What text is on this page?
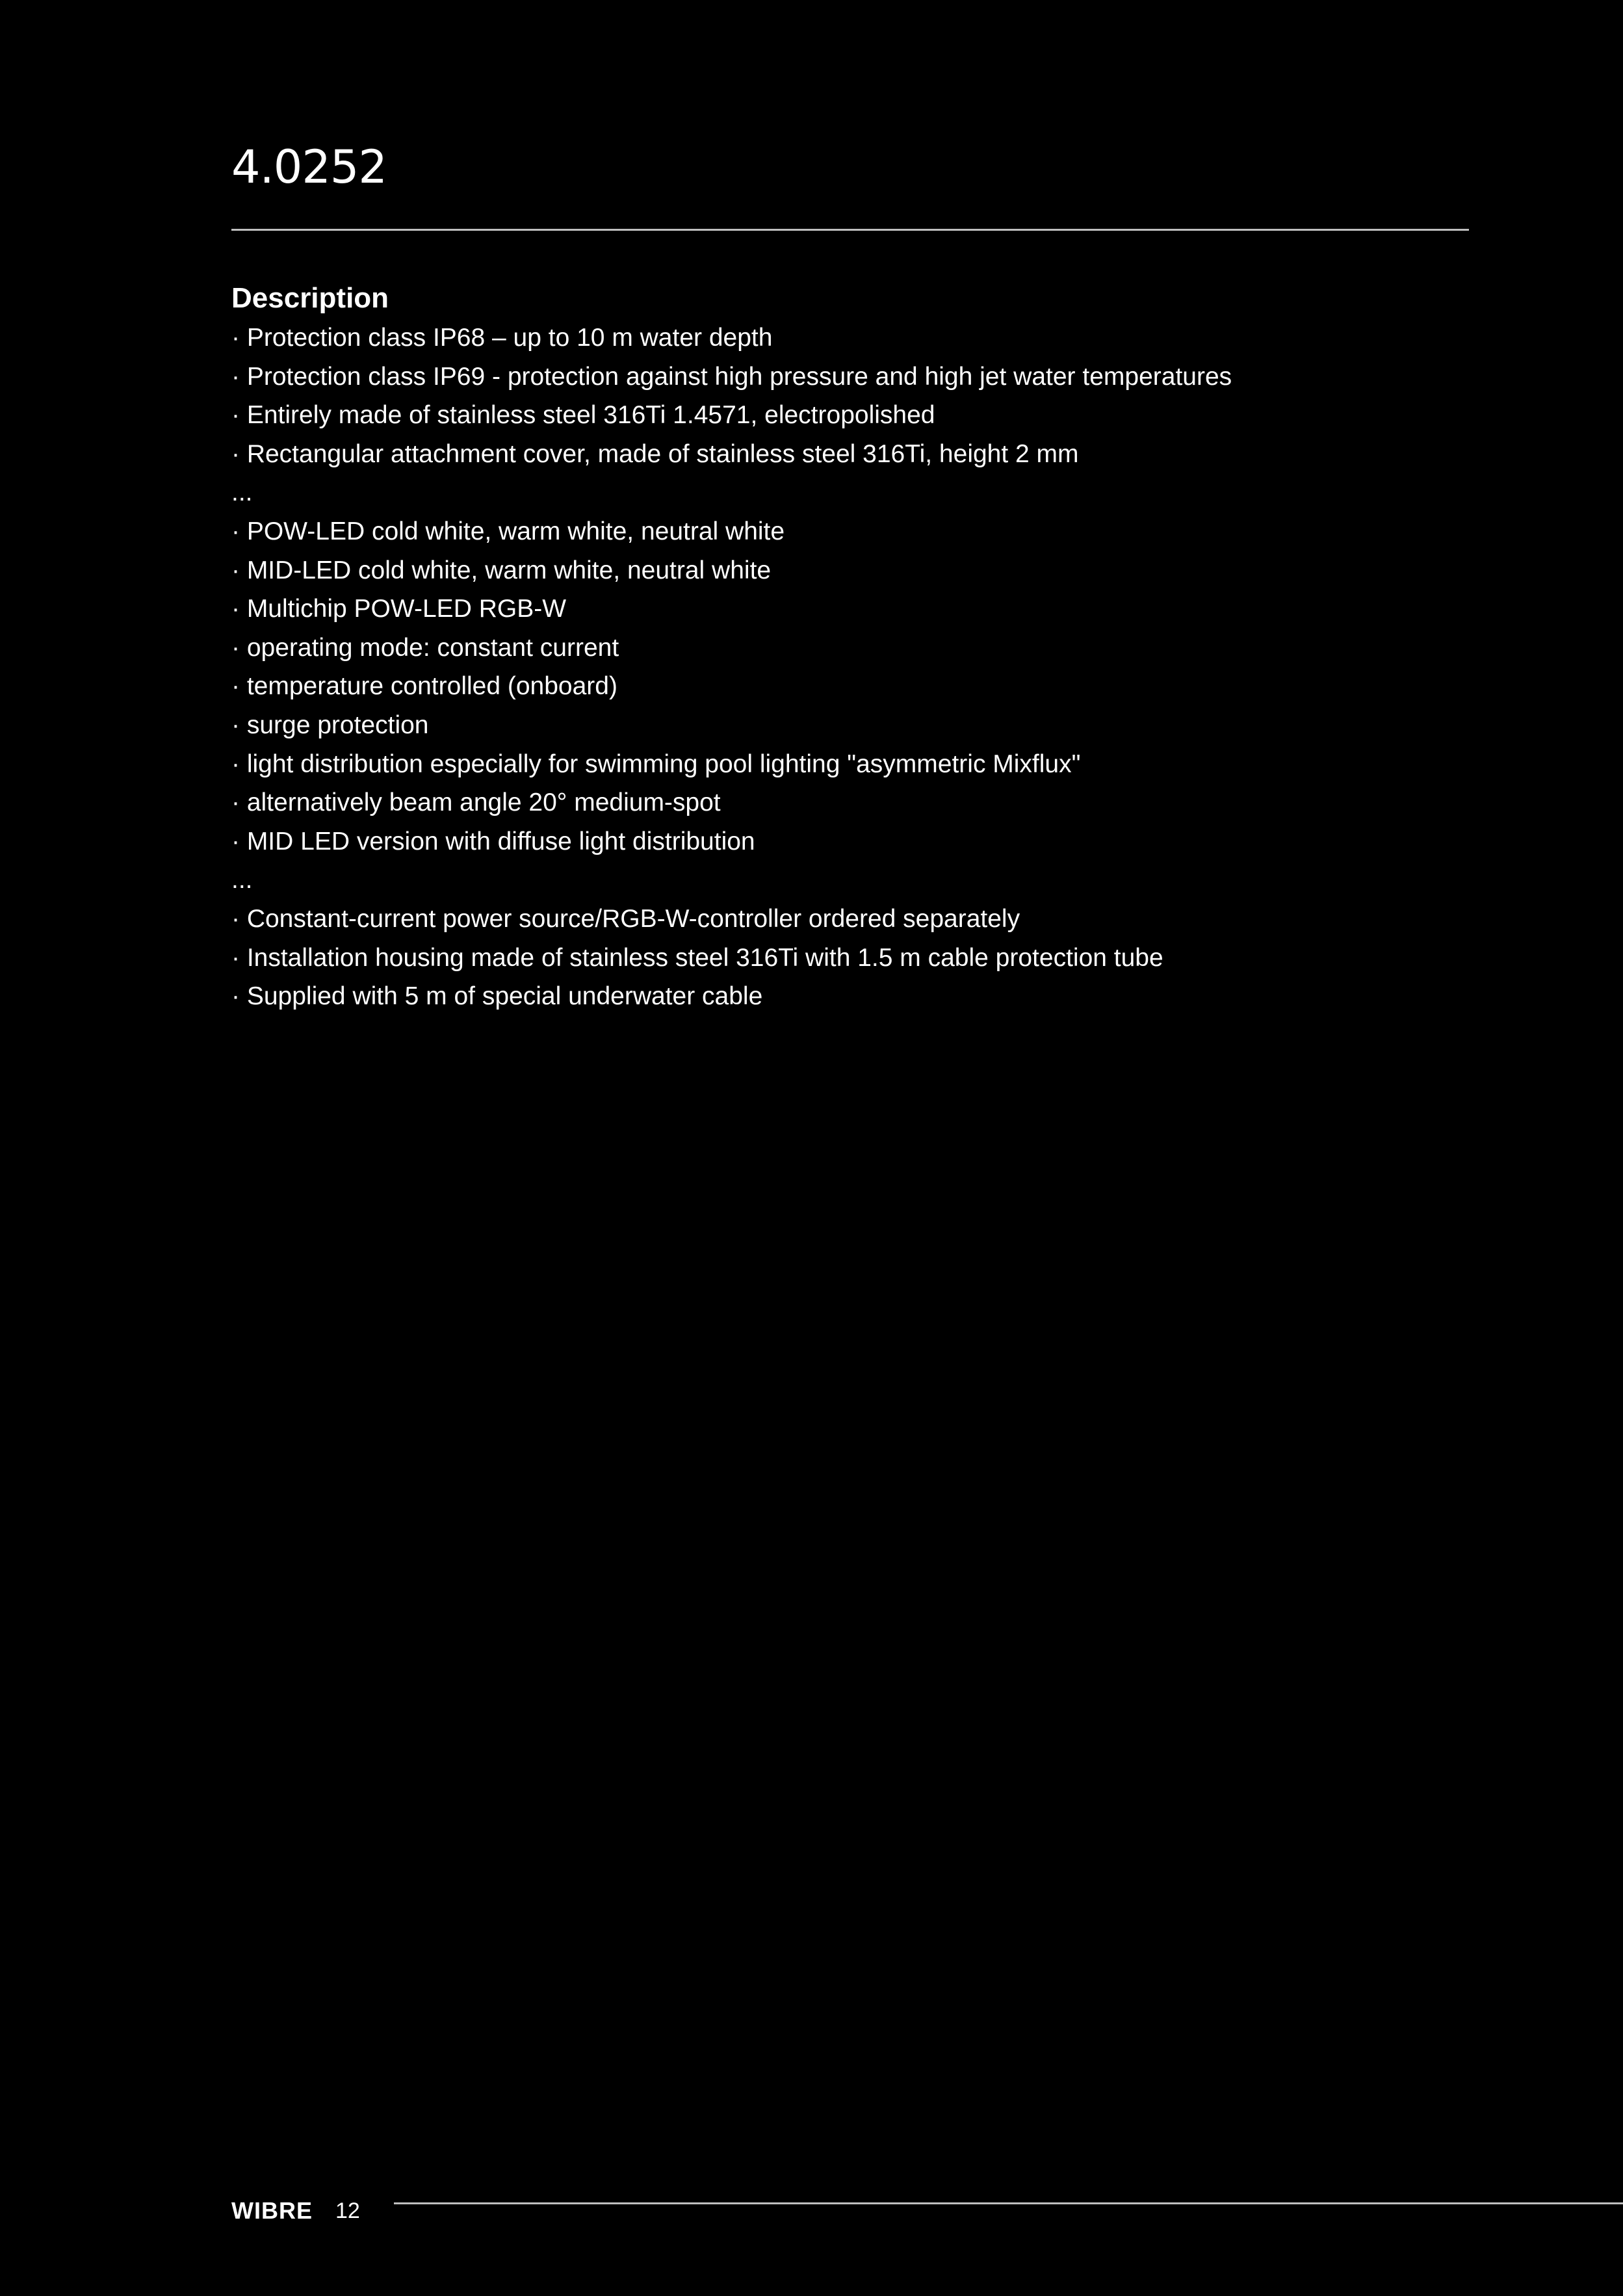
4.0252
Description
· Protection class IP68 – up to 10 m water depth
· Protection class IP69 - protection against high pressure and high jet water temperatures
· Entirely made of stainless steel 316Ti 1.4571, electropolished
· Rectangular attachment cover, made of stainless steel 316Ti, height 2 mm
...
· POW-LED cold white, warm white, neutral white
· MID-LED cold white, warm white, neutral white
· Multichip POW-LED RGB-W
· operating mode: constant current
· temperature controlled (onboard)
· surge protection
· light distribution especially for swimming pool lighting "asymmetric Mixflux"
· alternatively beam angle 20° medium-spot
· MID LED version with diffuse light distribution
...
· Constant-current power source/RGB-W-controller ordered separately
· Installation housing made of stainless steel 316Ti with 1.5 m cable protection tube
· Supplied with 5 m of special underwater cable
WIBRE 12
